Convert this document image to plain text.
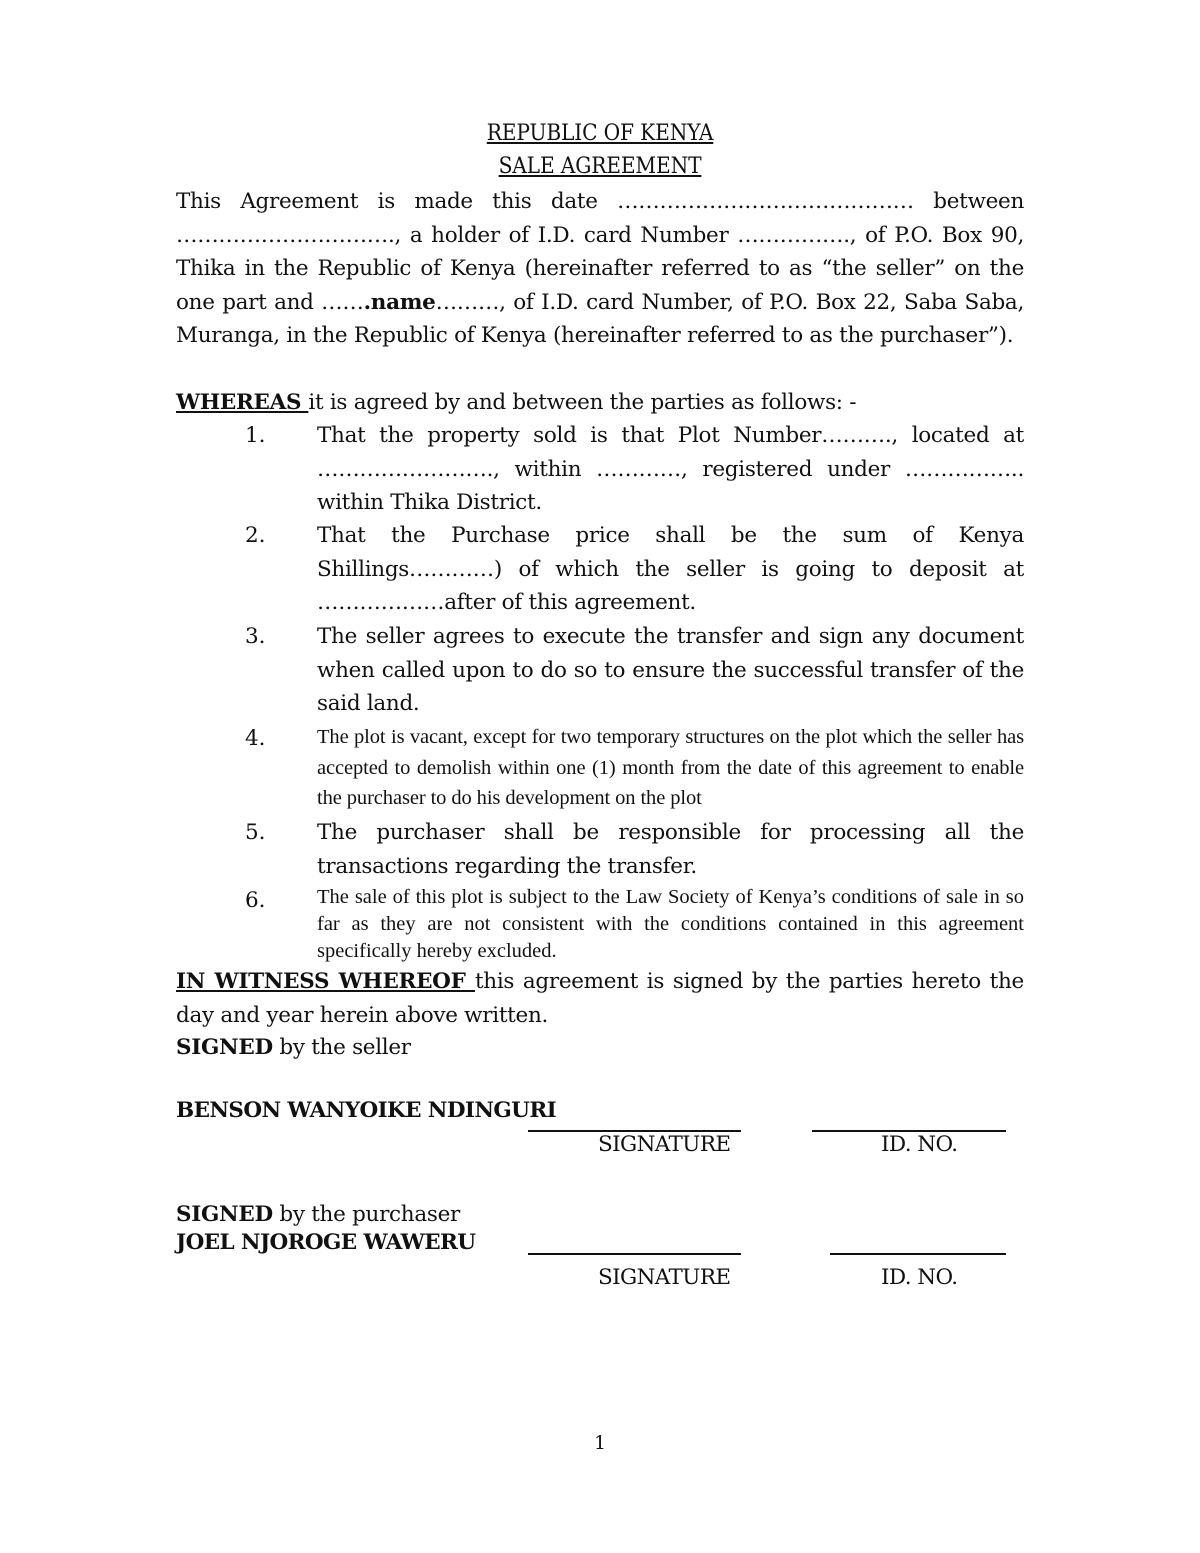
REPUBLIC OF KENYA
SALE AGREEMENT
This Agreement is made this date …………………………………… between …………………………., a holder of I.D. card Number ……………., of P.O. Box 90, Thika in the Republic of Kenya (hereinafter referred to as “the seller” on the one part and …….name………, of I.D. card Number, of P.O. Box 22, Saba Saba, Muranga, in the Republic of Kenya (hereinafter referred to as the purchaser”).
WHEREAS it is agreed by and between the parties as follows: -
1. That the property sold is that Plot Number………., located at ……………………., within …………, registered under …………….. within Thika District.
2. That the Purchase price shall be the sum of Kenya Shillings…………) of which the seller is going to deposit at ………………after of this agreement.
3. The seller agrees to execute the transfer and sign any document when called upon to do so to ensure the successful transfer of the said land.
4.	The plot is vacant, except for two temporary structures on the plot which the seller has accepted to demolish within one (1) month from the date of this agreement to enable the purchaser to do his development on the plot
5. The purchaser shall be responsible for processing all the transactions regarding the transfer.
6.	The sale of this plot is subject to the Law Society of Kenya’s conditions of sale in so far as they are not consistent with the conditions contained in this agreement specifically hereby excluded.
IN WITNESS WHEREOF this agreement is signed by the parties hereto the day and year herein above written.
SIGNED by the seller
BENSON WANYOIKE NDINGURI
SIGNATURE	ID. NO.
SIGNED by the purchaser
JOEL NJOROGE WAWERU
SIGNATURE	ID. NO.
1
